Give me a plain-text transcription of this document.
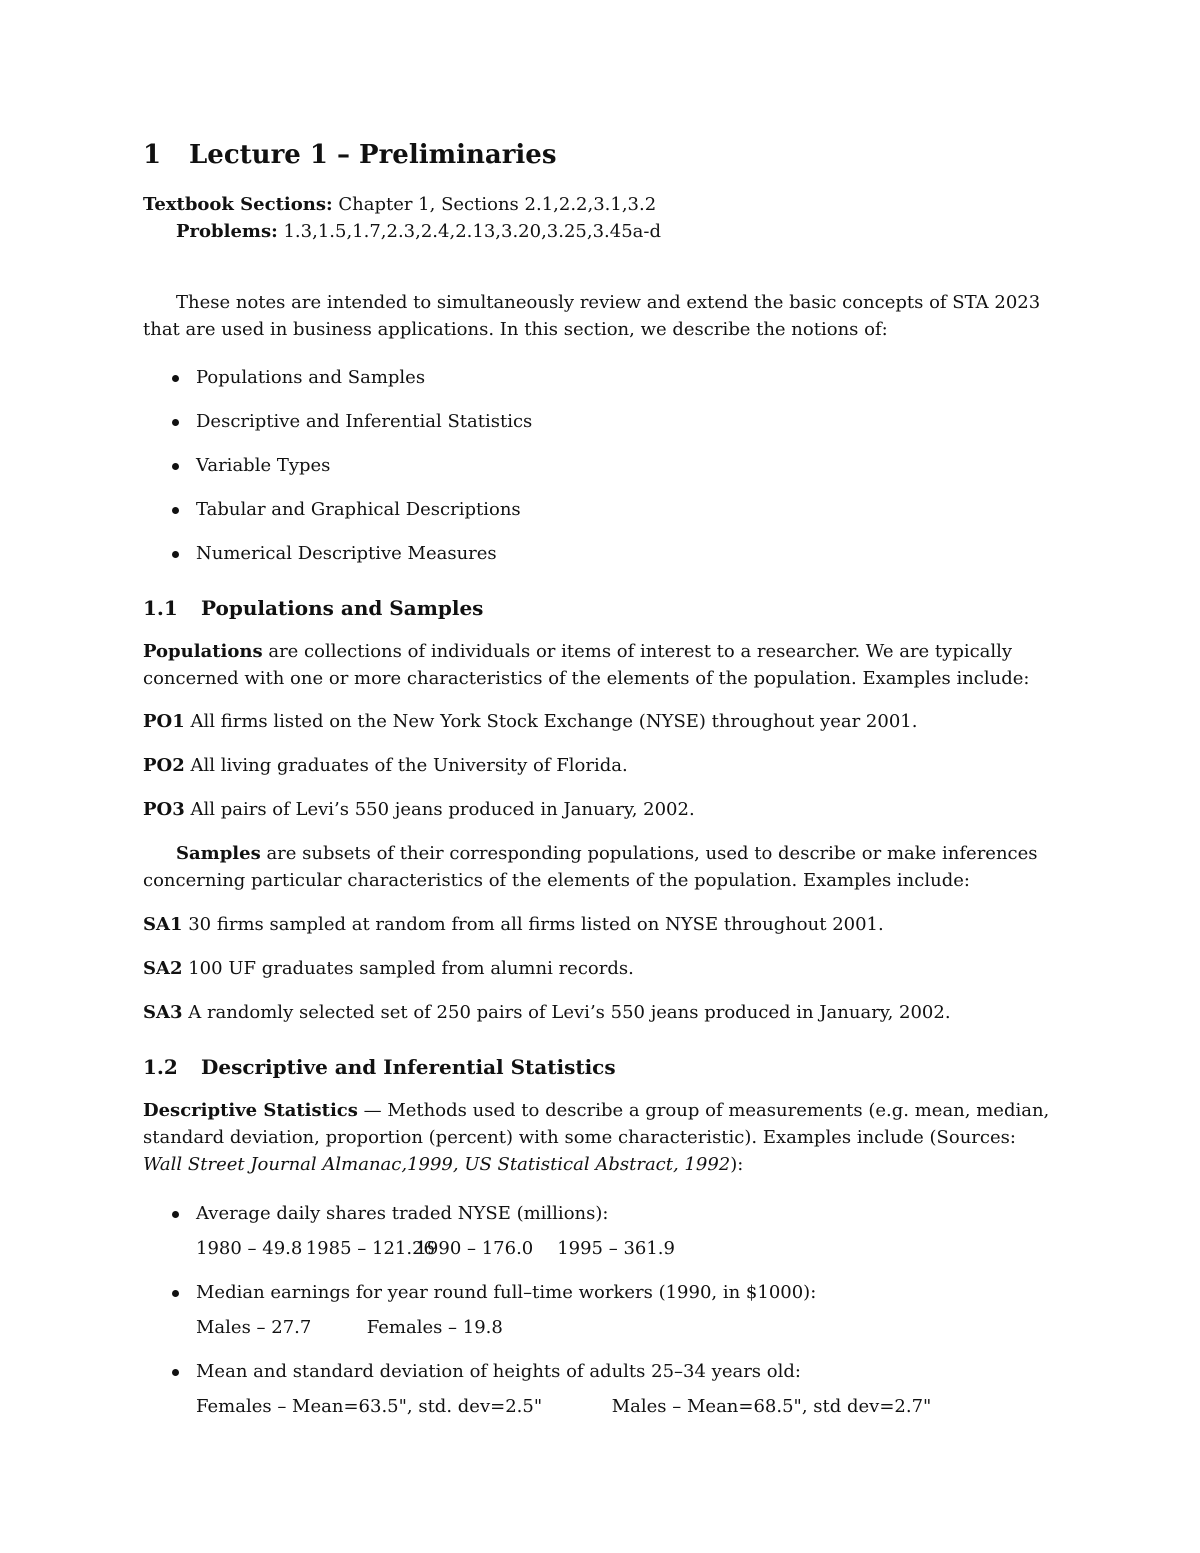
1 Lecture 1 – Preliminaries
Textbook Sections: Chapter 1, Sections 2.1,2.2,3.1,3.2
Problems: 1.3,1.5,1.7,2.3,2.4,2.13,3.20,3.25,3.45a-d
These notes are intended to simultaneously review and extend the basic concepts of STA 2023
that are used in business applications. In this section, we describe the notions of:
Populations and Samples
Descriptive and Inferential Statistics
Variable Types
Tabular and Graphical Descriptions
Numerical Descriptive Measures
1.1 Populations and Samples
Populations are collections of individuals or items of interest to a researcher. We are typically
concerned with one or more characteristics of the elements of the population. Examples include:
PO1 All firms listed on the New York Stock Exchange (NYSE) throughout year 2001.
PO2 All living graduates of the University of Florida.
PO3 All pairs of Levi’s 550 jeans produced in January, 2002.
Samples are subsets of their corresponding populations, used to describe or make inferences
concerning particular characteristics of the elements of the population. Examples include:
SA1 30 firms sampled at random from all firms listed on NYSE throughout 2001.
SA2 100 UF graduates sampled from alumni records.
SA3 A randomly selected set of 250 pairs of Levi’s 550 jeans produced in January, 2002.
1.2 Descriptive and Inferential Statistics
Descriptive Statistics — Methods used to describe a group of measurements (e.g. mean, median,
standard deviation, proportion (percent) with some characteristic). Examples include (Sources:
Wall Street Journal Almanac,1999, US Statistical Abstract, 1992):
Average daily shares traded NYSE (millions):
1980 – 49.8 1985 – 121.26 1990 – 176.0 1995 – 361.9
Median earnings for year round full–time workers (1990, in $1000):
Males – 27.7	Females – 19.8
Mean and standard deviation of heights of adults 25–34 years old:
Females – Mean=63.5", std. dev=2.5"	Males – Mean=68.5", std dev=2.7"
